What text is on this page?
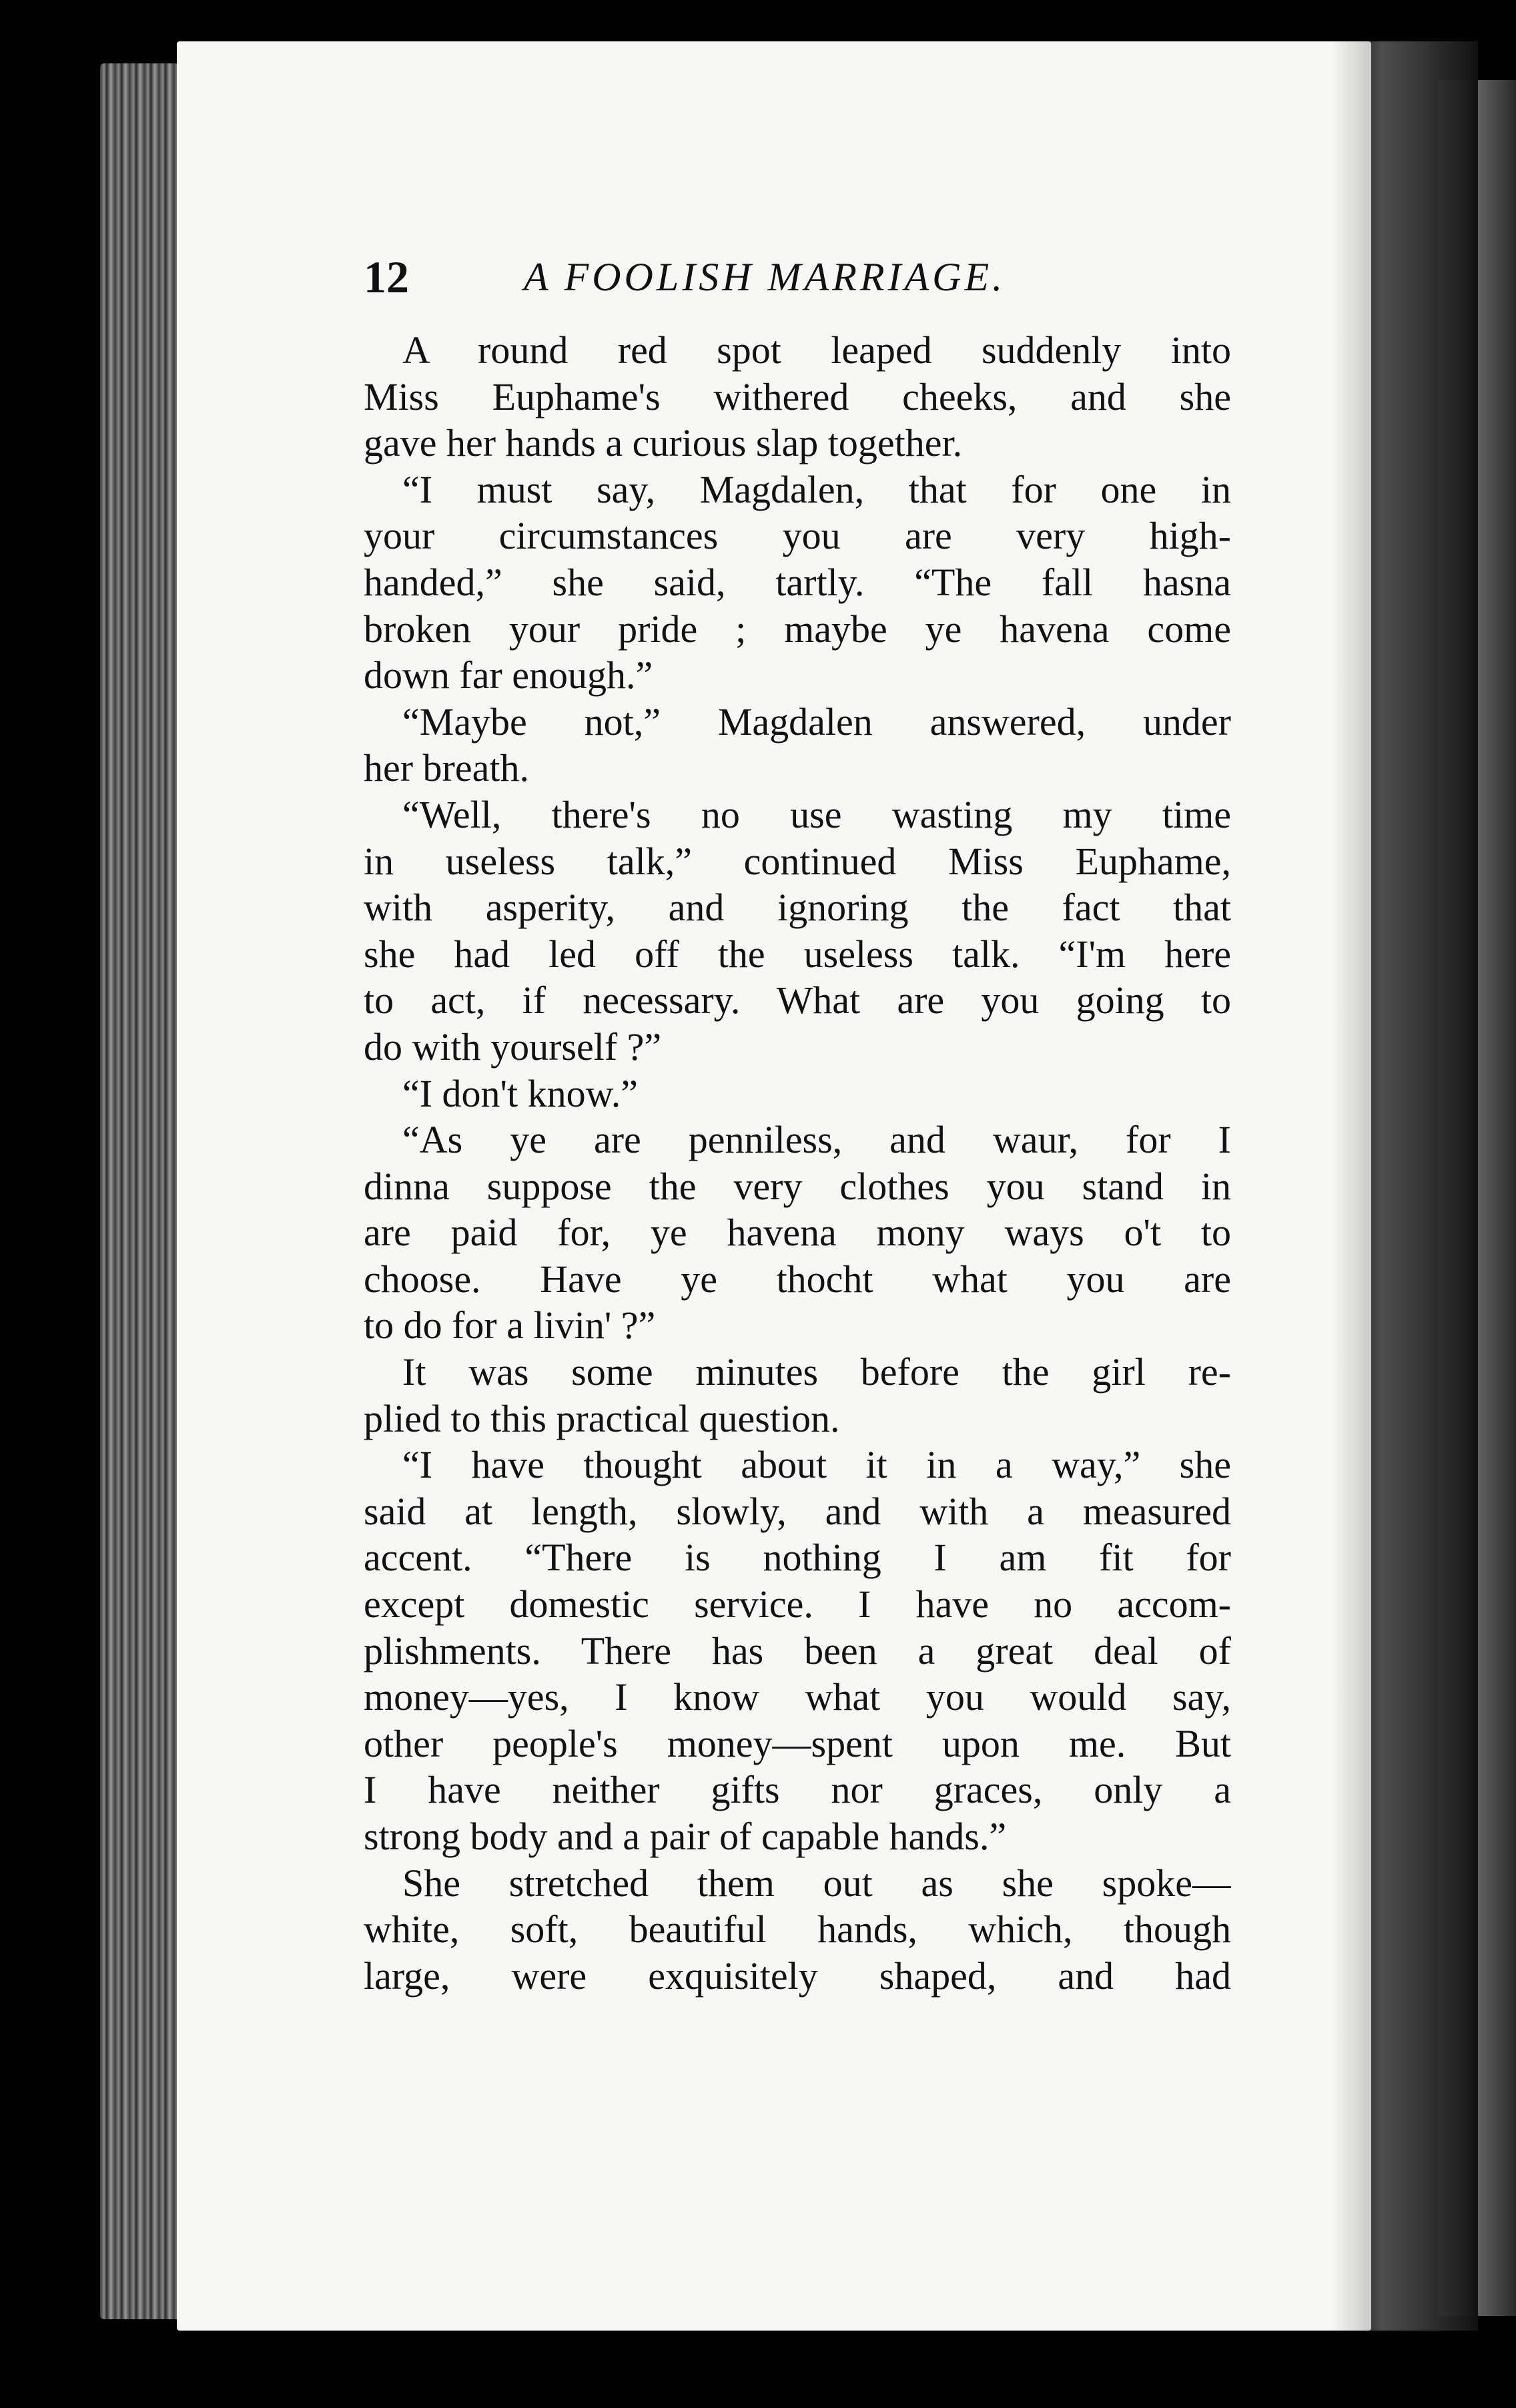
12	A FOOLISH MARRIAGE.
 A round red spot leaped suddenly into
Miss Euphame's withered cheeks, and she
gave her hands a curious slap together.
 “I must say, Magdalen, that for one in
your circumstances you are very high-
handed,” she said, tartly. “The fall hasna
broken your pride ; maybe ye havena come
down far enough.”
 “Maybe not,” Magdalen answered, under
her breath.
 “Well, there's no use wasting my time
in useless talk,” continued Miss Euphame,
with asperity, and ignoring the fact that
she had led off the useless talk. “I'm here
to act, if necessary. What are you going to
do with yourself ?”
 “I don't know.”
 “As ye are penniless, and waur, for I
dinna suppose the very clothes you stand in
are paid for, ye havena mony ways o't to
choose. Have ye thocht what you are
to do for a livin' ?”
 It was some minutes before the girl re-
plied to this practical question.
 “I have thought about it in a way,” she
said at length, slowly, and with a measured
accent. “There is nothing I am fit for
except domestic service. I have no accom-
plishments. There has been a great deal of
money—yes, I know what you would say,
other people's money—spent upon me. But
I have neither gifts nor graces, only a
strong body and a pair of capable hands.”
 She stretched them out as she spoke—
white, soft, beautiful hands, which, though
large, were exquisitely shaped, and had
